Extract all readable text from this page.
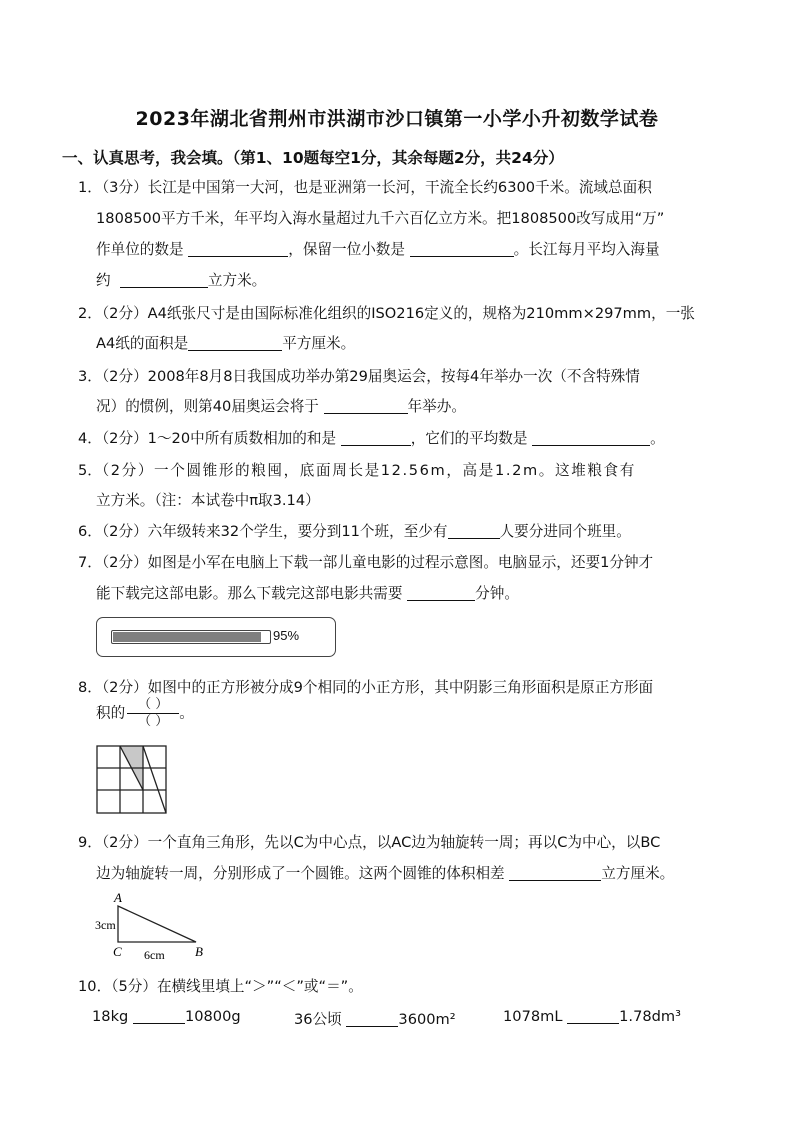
2023年湖北省荆州市洪湖市沙口镇第一小学小升初数学试卷
一、认真思考，我会填。（第1、10题每空1分，其余每题2分，共24分）
1．（3分）长江是中国第一大河，也是亚洲第一长河，干流全长约6300千米。流域总面积
1808500平方千米，年平均入海水量超过九千六百亿立方米。把1808500改写成用“万”
作单位的数是	，保留一位小数是	。长江每月平均入海量
约	立方米。
2．（2分）A4纸张尺寸是由国际标准化组织的ISO216定义的，规格为210mm×297mm，一张
A4纸的面积是	平方厘米。
3．（2分）2008年8月8日我国成功举办第29届奥运会，按每4年举办一次（不含特殊情
况）的惯例，则第40届奥运会将于	年举办。
4．（2分）1～20中所有质数相加的和是	，它们的平均数是	。
5．（2分）一个圆锥形的粮囤，底面周长是12.56m，高是1.2m。这堆粮食有
立方米。（注：本试卷中π取3.14）
6．（2分）六年级转来32个学生，要分到11个班，至少有	人要分进同个班里。
7．（2分）如图是小军在电脑上下载一部儿童电影的过程示意图。电脑显示，还要1分钟才
能下载完这部电影。那么下载完这部电影共需要	分钟。
95%
8．（2分）如图中的正方形被分成9个相同的小正方形，其中阴影三角形面积是原正方形面
积的 $\frac{( )}{( )}$ 。
9．（2分）一个直角三角形，先以C为中心点，以AC边为轴旋转一周；再以C为中心，以BC
边为轴旋转一周，分别形成了一个圆锥。这两个圆锥的体积相差	立方厘米。
A
B
C
3cm
6cm
10．（5分）在横线里填上“＞”“＜”或“＝”。
18kg	10800g	36公顷	3600m²	1078mL	1.78dm³
